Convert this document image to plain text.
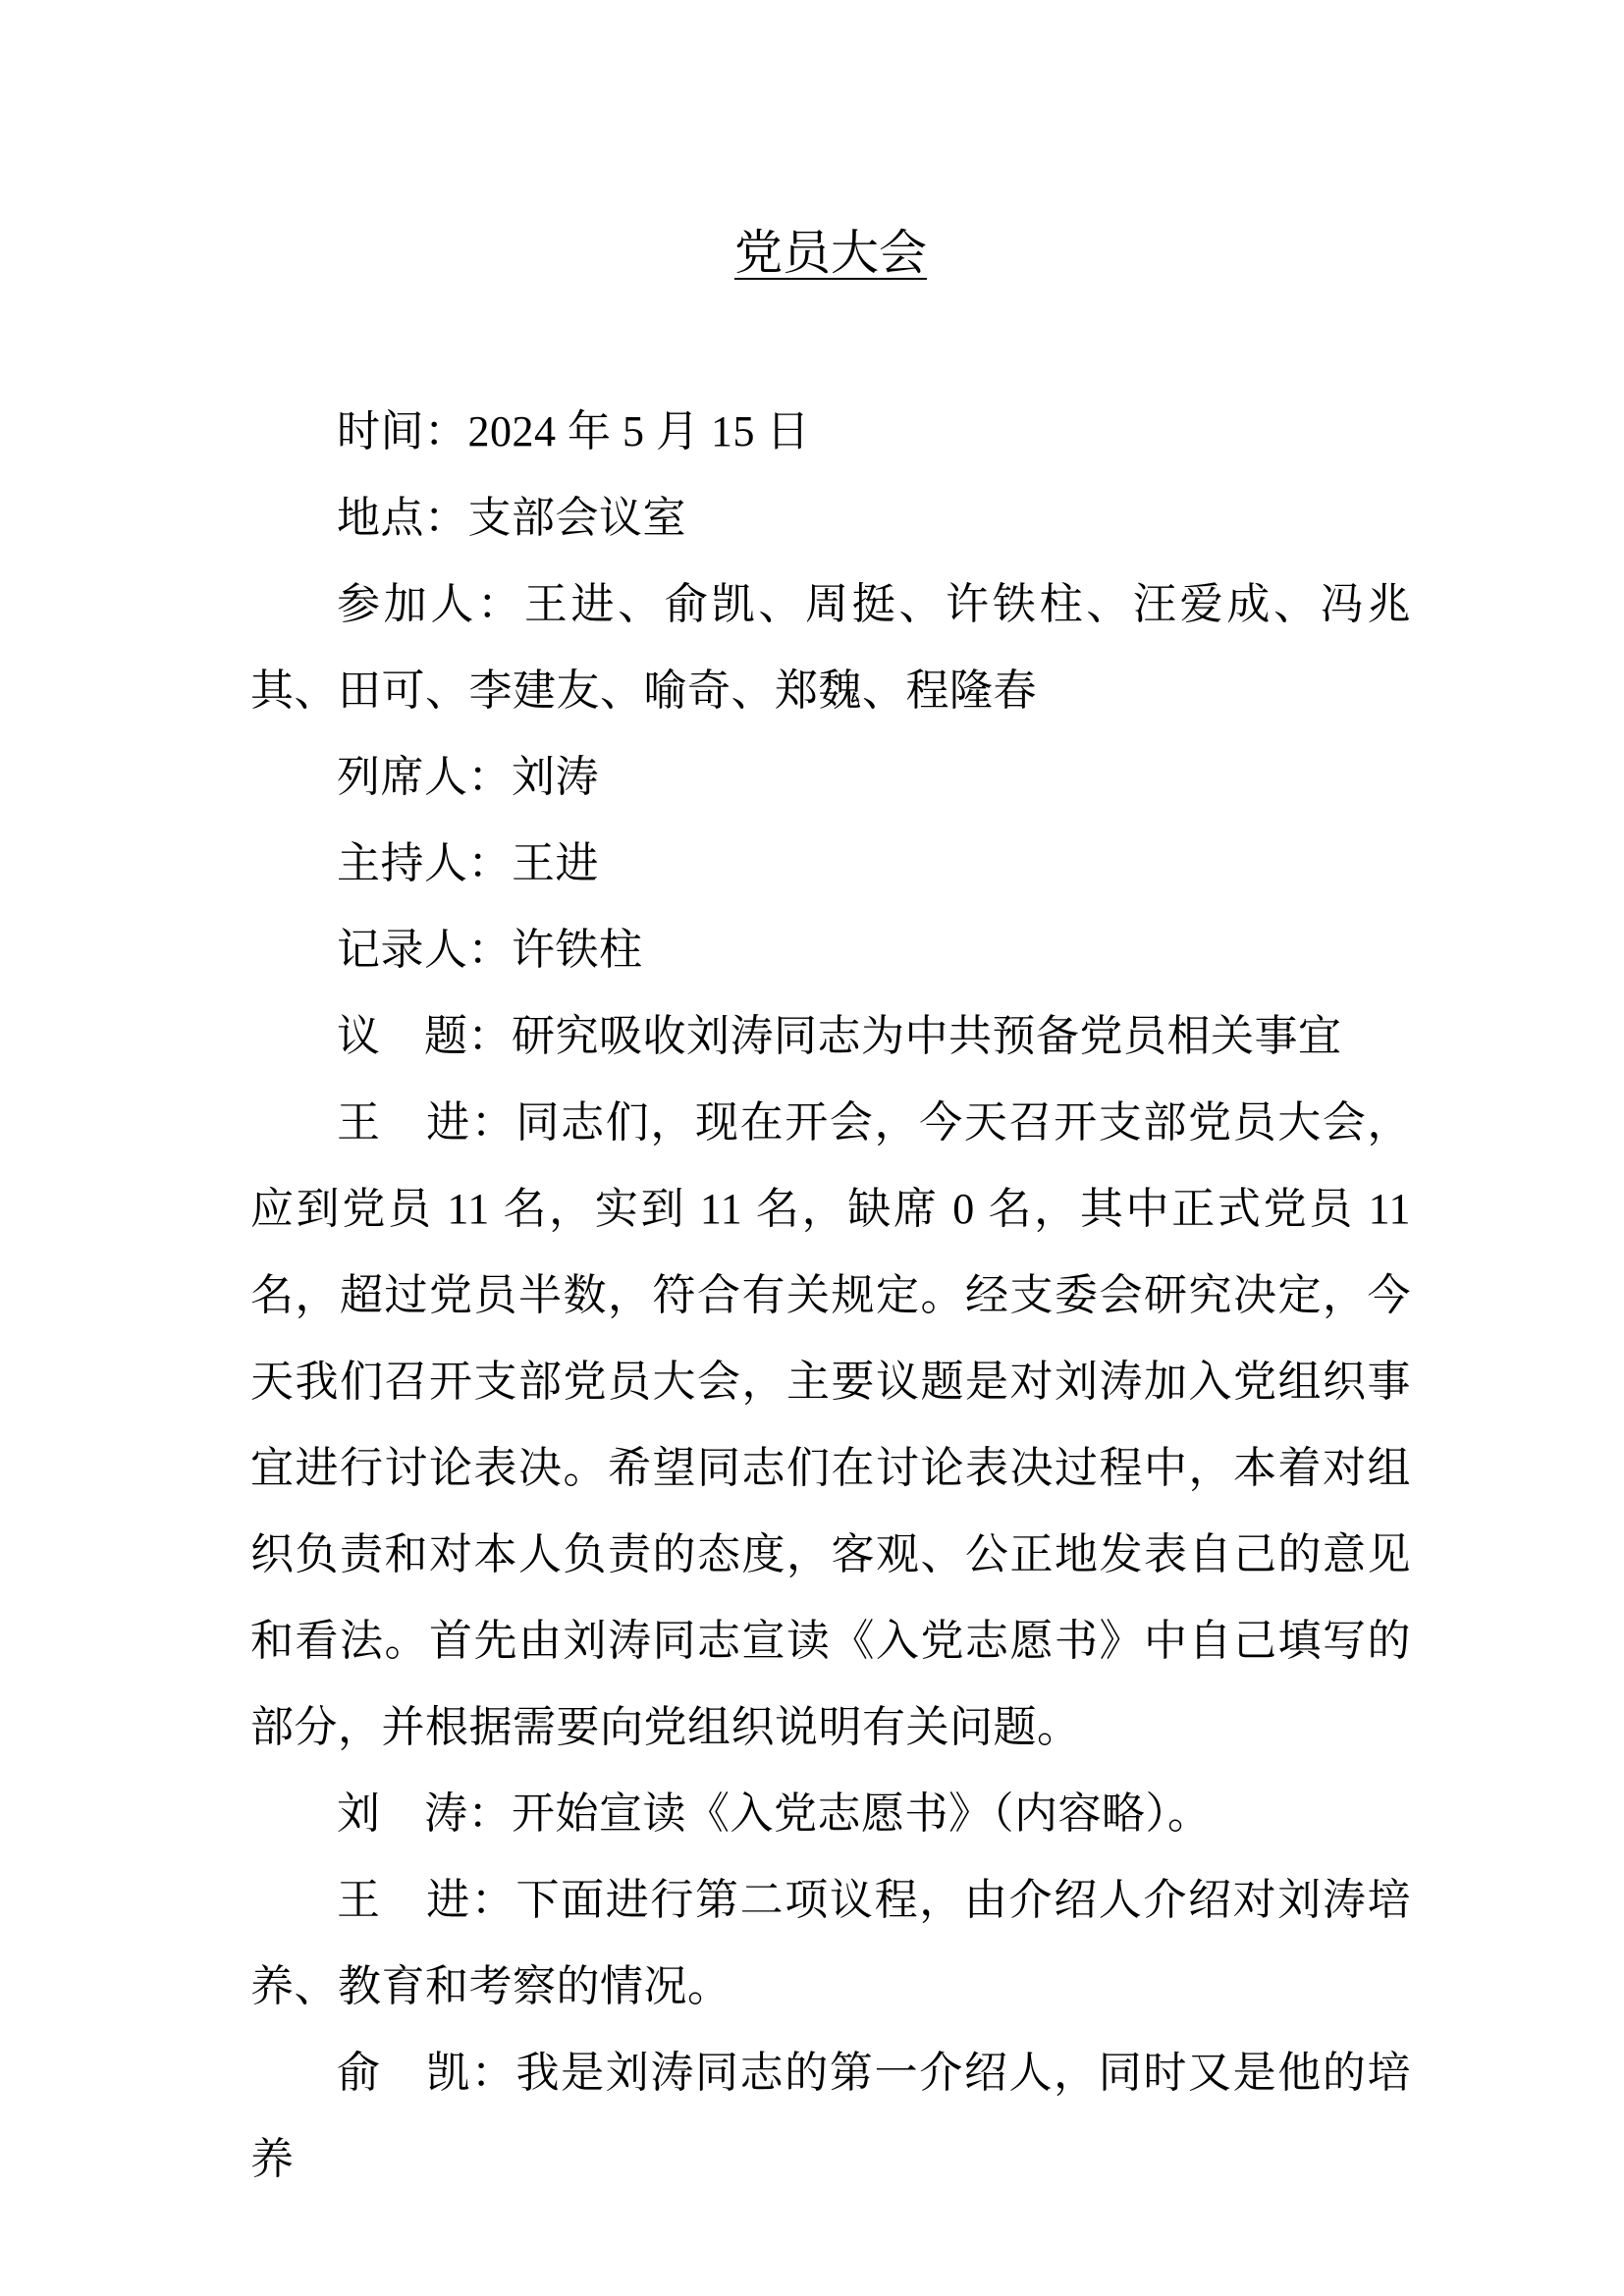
党员大会

时间：2024 年 5 月 15 日

地点：支部会议室

参加人：王进、俞凯、周挺、许铁柱、汪爱成、冯兆其、田可、李建友、喻奇、郑魏、程隆春

列席人：刘涛

主持人：王进

记录人：许铁柱

议　题：研究吸收刘涛同志为中共预备党员相关事宜

王　进：同志们，现在开会，今天召开支部党员大会，应到党员 11 名，实到 11 名，缺席 0 名，其中正式党员 11 名，超过党员半数，符合有关规定。经支委会研究决定，今天我们召开支部党员大会，主要议题是对刘涛加入党组织事宜进行讨论表决。希望同志们在讨论表决过程中，本着对组织负责和对本人负责的态度，客观、公正地发表自己的意见和看法。首先由刘涛同志宣读《入党志愿书》中自己填写的部分，并根据需要向党组织说明有关问题。

刘　涛：开始宣读《入党志愿书》（内容略）。

王　进：下面进行第二项议程，由介绍人介绍对刘涛培养、教育和考察的情况。

俞　凯：我是刘涛同志的第一介绍人，同时又是他的培养
